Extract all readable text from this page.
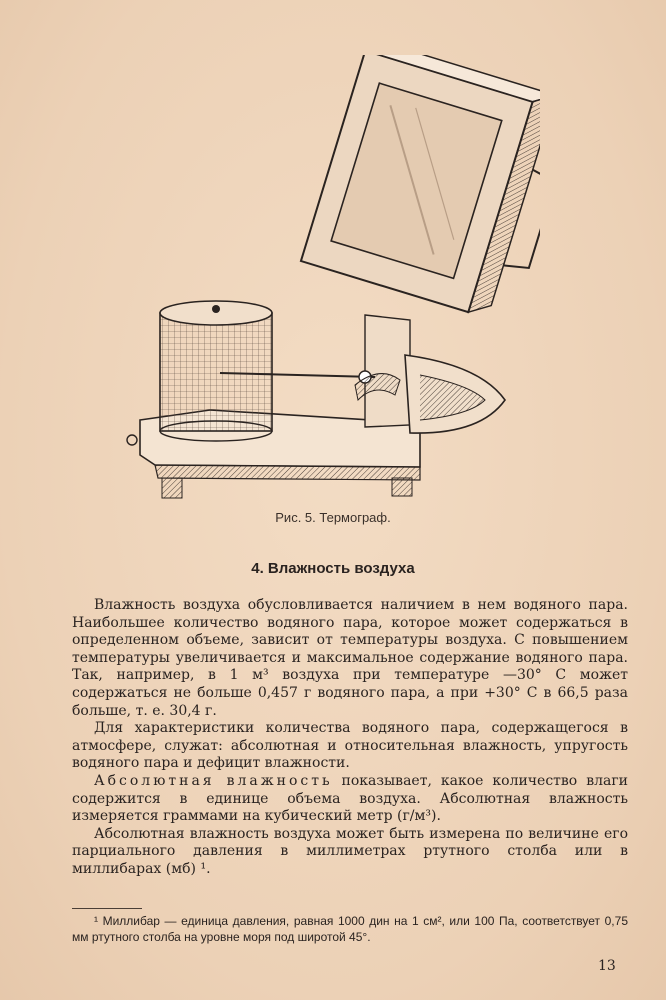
Рис. 5. Термограф.
4. Влажность воздуха

Влажность воздуха обусловливается наличием в нем водяного пара. Наибольшее количество водяного пара, которое может содержаться в определенном объеме, зависит от температуры воздуха. С повышением температуры увеличивается и максимальное содержание водяного пара. Так, например, в 1 м³ воздуха при температуре —30° С может содержаться не больше 0,457 г водяного пара, а при +30° С в 66,5 раза больше, т. е. 30,4 г.

Для характеристики количества водяного пара, содержащегося в атмосфере, служат: абсолютная и относительная влажность, упругость водяного пара и дефицит влажности.

Абсолютная влажность показывает, какое количество влаги содержится в единице объема воздуха. Абсолютная влажность измеряется граммами на кубический метр (г/м³).

Абсолютная влажность воздуха может быть измерена по величине его парциального давления в миллиметрах ртутного столба или в миллибарах (мб) ¹.

¹ Миллибар — единица давления, равная 1000 дин на 1 см², или 100 Па, соответствует 0,75 мм ртутного столба на уровне моря под широтой 45°.
13
